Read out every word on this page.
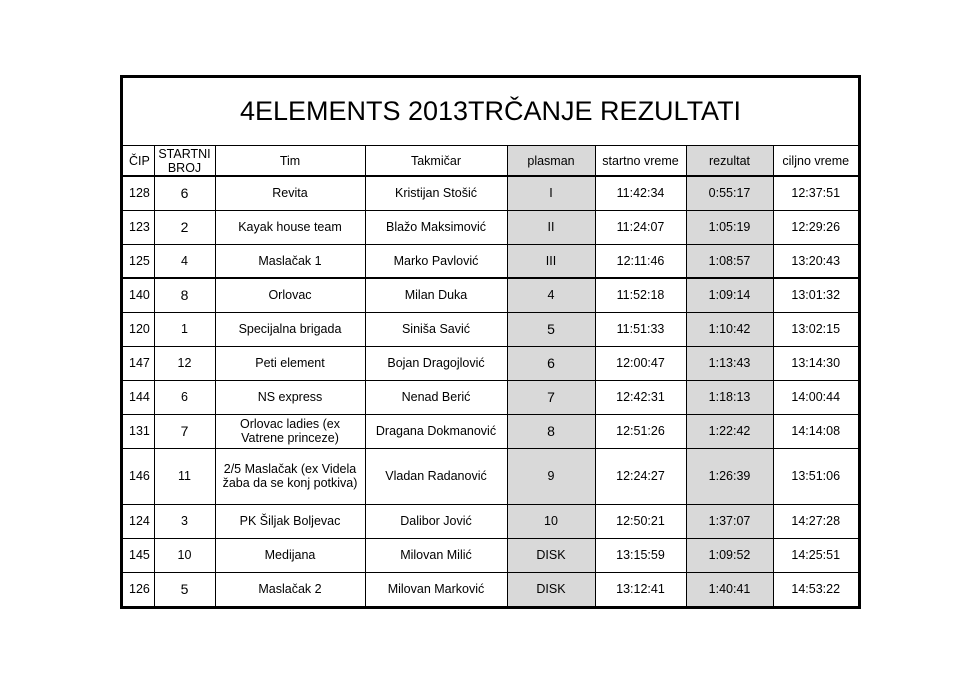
4ELEMENTS 2013TRČANJE REZULTATI
ČIP	STARTNI BROJ	Tim	Takmičar	plasman	startno vreme	rezultat	ciljno vreme
128	6	Revita	Kristijan Stošić	I	11:42:34	0:55:17	12:37:51
123	2	Kayak house team	Blažo Maksimović	II	11:24:07	1:05:19	12:29:26
125	4	Maslačak 1	Marko Pavlović	III	12:11:46	1:08:57	13:20:43
140	8	Orlovac	Milan Duka	4	11:52:18	1:09:14	13:01:32
120	1	Specijalna brigada	Siniša Savić	5	11:51:33	1:10:42	13:02:15
147	12	Peti element	Bojan Dragojlović	6	12:00:47	1:13:43	13:14:30
144	6	NS express	Nenad Berić	7	12:42:31	1:18:13	14:00:44
131	7	Orlovac ladies (ex Vatrene princeze)	Dragana Dokmanović	8	12:51:26	1:22:42	14:14:08
146	11	2/5 Maslačak (ex Videla žaba da se konj potkiva)	Vladan Radanović	9	12:24:27	1:26:39	13:51:06
124	3	PK Šiljak Boljevac	Dalibor Jović	10	12:50:21	1:37:07	14:27:28
145	10	Medijana	Milovan Milić	DISK	13:15:59	1:09:52	14:25:51
126	5	Maslačak 2	Milovan Marković	DISK	13:12:41	1:40:41	14:53:22
